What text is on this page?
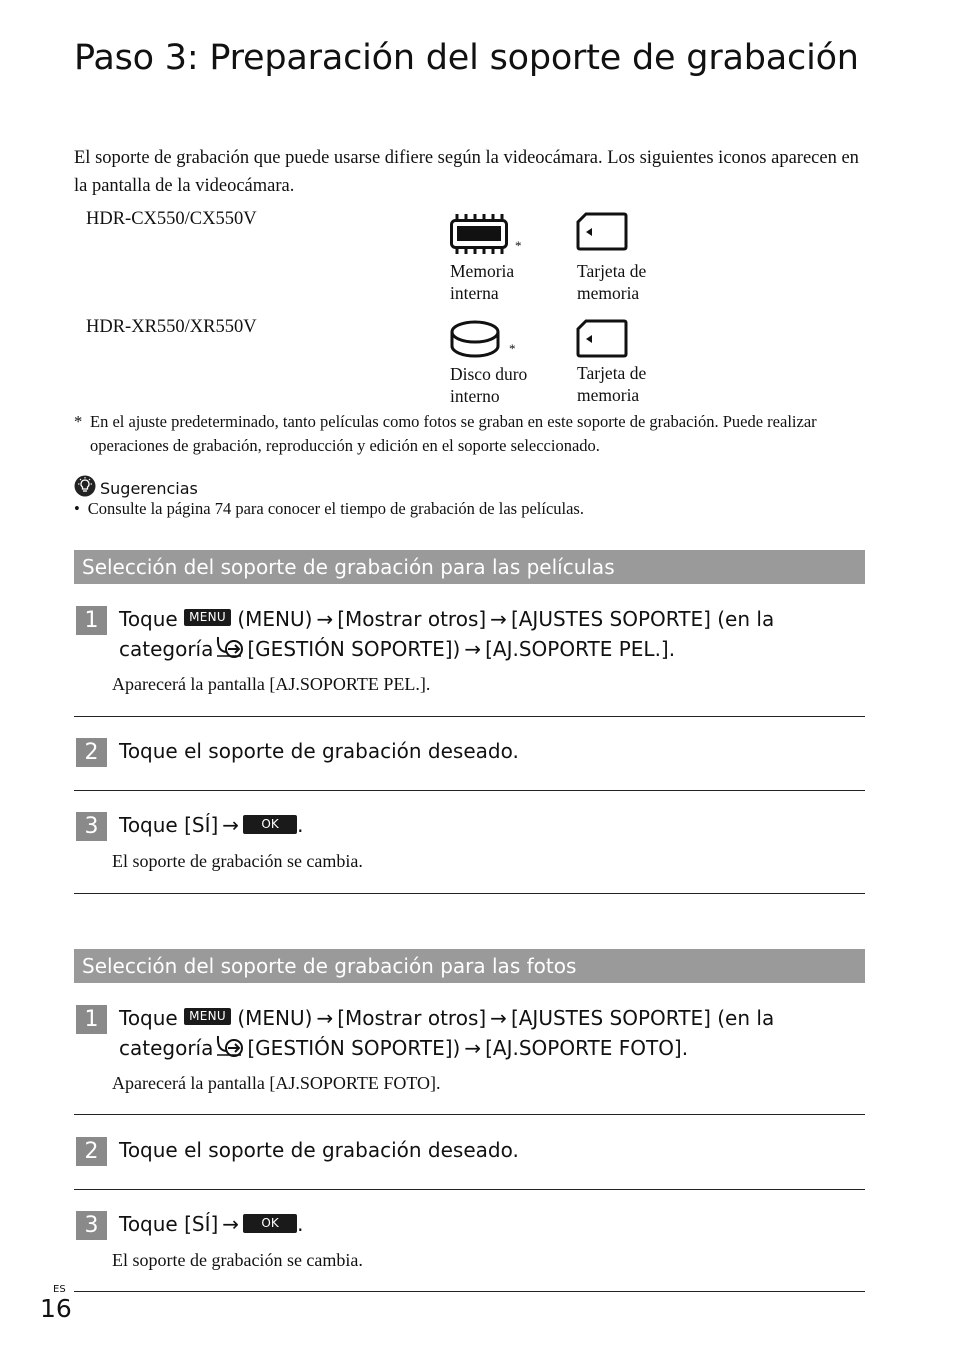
Paso 3: Preparación del soporte de grabación

El soporte de grabación que puede usarse difiere según la videocámara. Los siguientes iconos aparecen en la pantalla de la videocámara.

HDR-CX550/CX550V
*
Memoria
interna
Tarjeta de
memoria
HDR-XR550/XR550V
*
Disco duro
interno
Tarjeta de
memoria
* En el ajuste predeterminado, tanto películas como fotos se graban en este soporte de grabación. Puede realizar operaciones de grabación, reproducción y edición en el soporte seleccionado.
Sugerencias
• Consulte la página 74 para conocer el tiempo de grabación de las películas.
Selección del soporte de grabación para las películas
1	Toque MENU (MENU) → [Mostrar otros] → [AJUSTES SOPORTE] (en la
categoría [GESTIÓN SOPORTE]) → [AJ.SOPORTE PEL.].
Aparecerá la pantalla [AJ.SOPORTE PEL.].
2	Toque el soporte de grabación deseado.
3	Toque [SÍ] → OK .
El soporte de grabación se cambia.
Selección del soporte de grabación para las fotos
1	Toque MENU (MENU) → [Mostrar otros] → [AJUSTES SOPORTE] (en la
categoría [GESTIÓN SOPORTE]) → [AJ.SOPORTE FOTO].
Aparecerá la pantalla [AJ.SOPORTE FOTO].
2	Toque el soporte de grabación deseado.
3	Toque [SÍ] → OK .
El soporte de grabación se cambia.
ES
16
